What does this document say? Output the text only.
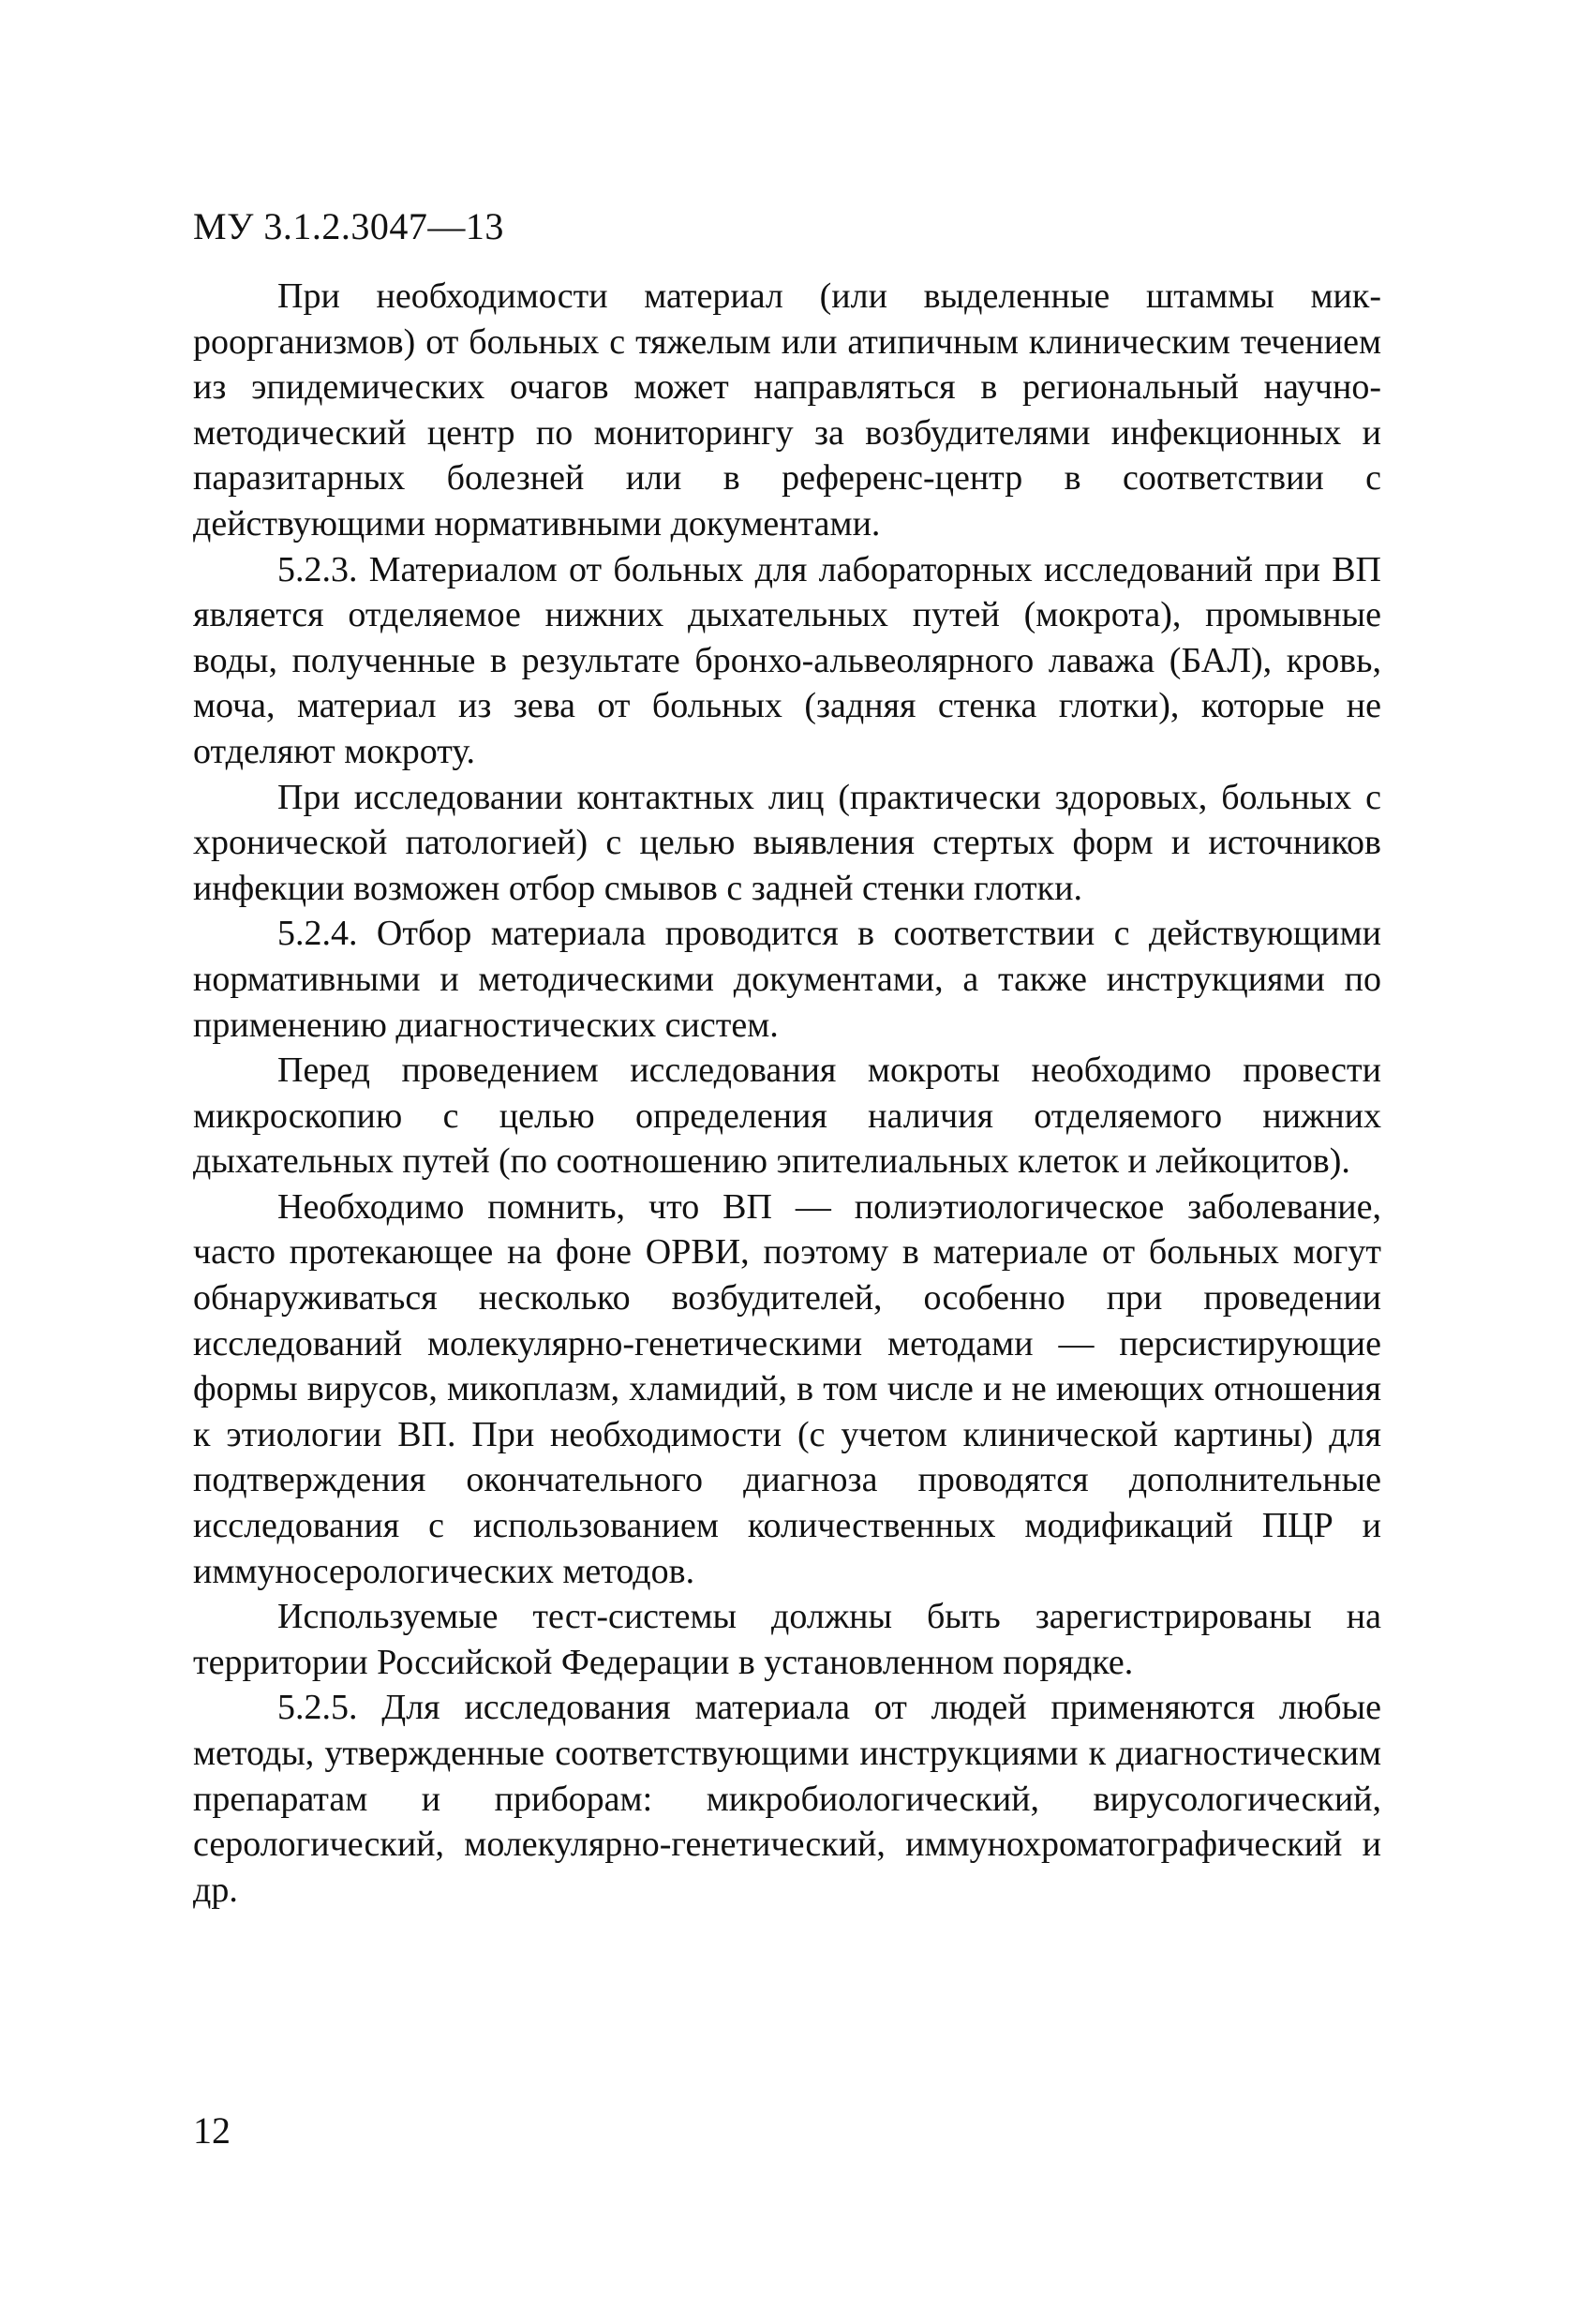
МУ 3.1.2.3047—13

При необходимости материал (или выделенные штаммы микроорганизмов) от больных с тяжелым или атипичным клиническим течением из эпидемических очагов может направляться в региональный научно-методический центр по мониторингу за возбудителями инфекционных и паразитарных болезней или в референс-центр в соответствии с действующими нормативными документами.

5.2.3. Материалом от больных для лабораторных исследований при ВП является отделяемое нижних дыхательных путей (мокрота), промывные воды, полученные в результате бронхо-альвеолярного лаважа (БАЛ), кровь, моча, материал из зева от больных (задняя стенка глотки), которые не отделяют мокроту.

При исследовании контактных лиц (практически здоровых, больных с хронической патологией) с целью выявления стертых форм и источников инфекции возможен отбор смывов с задней стенки глотки.

5.2.4. Отбор материала проводится в соответствии с действующими нормативными и методическими документами, а также инструкциями по применению диагностических систем.

Перед проведением исследования мокроты необходимо провести микроскопию с целью определения наличия отделяемого нижних дыхательных путей (по соотношению эпителиальных клеток и лейкоцитов).

Необходимо помнить, что ВП — полиэтиологическое заболевание, часто протекающее на фоне ОРВИ, поэтому в материале от больных могут обнаруживаться несколько возбудителей, особенно при проведении исследований молекулярно-генетическими методами — персистирующие формы вирусов, микоплазм, хламидий, в том числе и не имеющих отношения к этиологии ВП. При необходимости (с учетом клинической картины) для подтверждения окончательного диагноза проводятся дополнительные исследования с использованием количественных модификаций ПЦР и иммуносерологических методов.

Используемые тест-системы должны быть зарегистрированы на территории Российской Федерации в установленном порядке.

5.2.5. Для исследования материала от людей применяются любые методы, утвержденные соответствующими инструкциями к диагностическим препаратам и приборам: микробиологический, вирусологический, серологический, молекулярно-генетический, иммунохроматографический и др.

12
